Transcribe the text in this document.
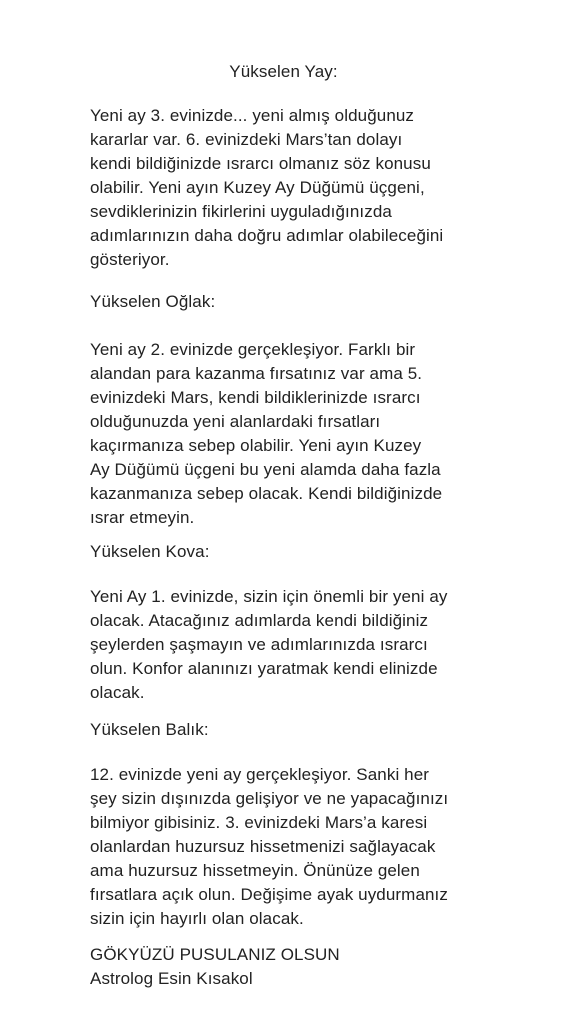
Yükselen Yay:
Yeni ay 3. evinizde... yeni almış olduğunuz
kararlar var. 6. evinizdeki Mars’tan dolayı
kendi bildiğinizde ısrarcı olmanız söz konusu
olabilir. Yeni ayın Kuzey Ay Düğümü üçgeni,
sevdiklerinizin fikirlerini uyguladığınızda
adımlarınızın daha doğru adımlar olabileceğini
gösteriyor.
Yükselen Oğlak:
Yeni ay 2. evinizde gerçekleşiyor. Farklı bir
alandan para kazanma fırsatınız var ama 5.
evinizdeki Mars, kendi bildiklerinizde ısrarcı
olduğunuzda yeni alanlardaki fırsatları
kaçırmanıza sebep olabilir. Yeni ayın Kuzey
Ay Düğümü üçgeni bu yeni alamda daha fazla
kazanmanıza sebep olacak. Kendi bildiğinizde
ısrar etmeyin.
Yükselen Kova:
Yeni Ay 1. evinizde, sizin için önemli bir yeni ay
olacak. Atacağınız adımlarda kendi bildiğiniz
şeylerden şaşmayın ve adımlarınızda ısrarcı
olun. Konfor alanınızı yaratmak kendi elinizde
olacak.
Yükselen Balık:
12. evinizde yeni ay gerçekleşiyor. Sanki her
şey sizin dışınızda gelişiyor ve ne yapacağınızı
bilmiyor gibisiniz. 3. evinizdeki Mars’a karesi
olanlardan huzursuz hissetmenizi sağlayacak
ama huzursuz hissetmeyin. Önünüze gelen
fırsatlara açık olun. Değişime ayak uydurmanız
sizin için hayırlı olan olacak.
GÖKYÜZÜ PUSULANIZ OLSUN
Astrolog Esin Kısakol
